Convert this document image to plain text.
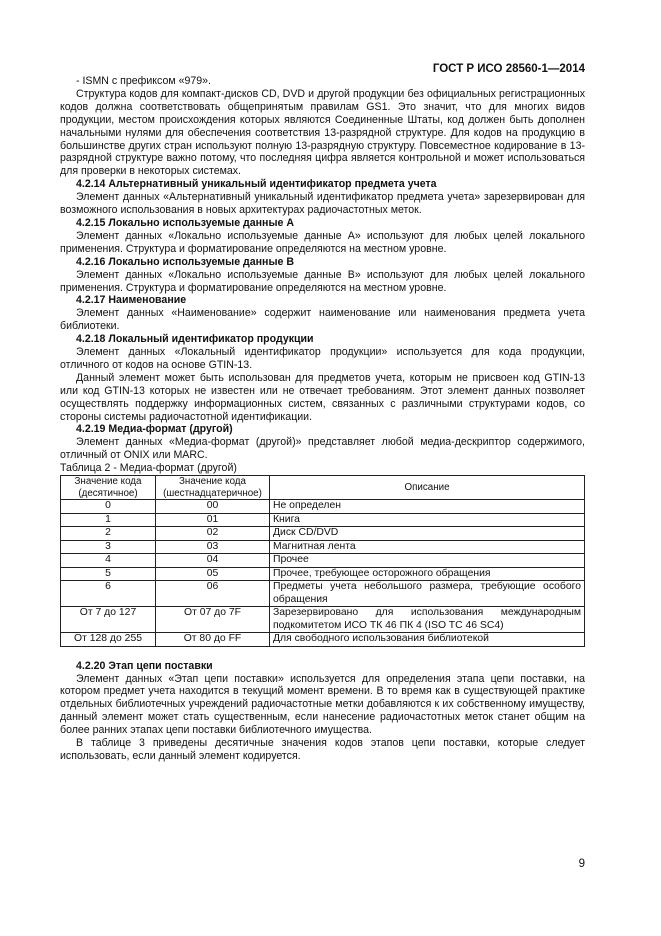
ГОСТ Р ИСО 28560-1—2014

- ISMN с префиксом «979».

Структура кодов для компакт-дисков CD, DVD и другой продукции без официальных регистрационных кодов должна соответствовать общепринятым правилам GS1. Это значит, что для многих видов продукции, местом происхождения которых являются Соединенные Штаты, код должен быть дополнен начальными нулями для обеспечения соответствия 13-разрядной структуре. Для кодов на продукцию в большинстве других стран используют полную 13-разрядную структуру. Повсеместное кодирование в 13-разрядной структуре важно потому, что последняя цифра является контрольной и может использоваться для проверки в некоторых системах.

4.2.14 Альтернативный уникальный идентификатор предмета учета

Элемент данных «Альтернативный уникальный идентификатор предмета учета» зарезервирован для возможного использования в новых архитектурах радиочастотных меток.

4.2.15 Локально используемые данные А

Элемент данных «Локально используемые данные А» используют для любых целей локального применения. Структура и форматирование определяются на местном уровне.

4.2.16 Локально используемые данные В

Элемент данных «Локально используемые данные В» используют для любых целей локального применения. Структура и форматирование определяются на местном уровне.

4.2.17 Наименование

Элемент данных «Наименование» содержит наименование или наименования предмета учета библиотеки.

4.2.18 Локальный идентификатор продукции

Элемент данных «Локальный идентификатор продукции» используется для кода продукции, отличного от кодов на основе GTIN-13.

Данный элемент может быть использован для предметов учета, которым не присвоен код GTIN-13 или код GTIN-13 которых не известен или не отвечает требованиям. Этот элемент данных позволяет осуществлять поддержку информационных систем, связанных с различными структурами кодов, со стороны системы радиочастотной идентификации.

4.2.19 Медиа-формат (другой)

Элемент данных «Медиа-формат (другой)» представляет любой медиа-дескриптор содержимого, отличный от ONIX или MARC.

Таблица 2 - Медиа-формат (другой)

Значение кода (десятичное)	Значение кода (шестнадцатеричное)	Описание
0	00	Не определен
1	01	Книга
2	02	Диск CD/DVD
3	03	Магнитная лента
4	04	Прочее
5	05	Прочее, требующее осторожного обращения
6	06	Предметы учета небольшого размера, требующие особого обращения
От 7 до 127	От 07 до 7F	Зарезервировано для использования международным подкомитетом ИСО ТК 46 ПК 4 (ISO TC 46 SC4)
От 128 до 255	От 80 до FF	Для свободного использования библиотекой
4.2.20 Этап цепи поставки

Элемент данных «Этап цепи поставки» используется для определения этапа цепи поставки, на котором предмет учета находится в текущий момент времени. В то время как в существующей практике отдельных библиотечных учреждений радиочастотные метки добавляются к их собственному имуществу, данный элемент может стать существенным, если нанесение радиочастотных меток станет общим на более ранних этапах цепи поставки библиотечного имущества.

В таблице 3 приведены десятичные значения кодов этапов цепи поставки, которые следует использовать, если данный элемент кодируется.

9
